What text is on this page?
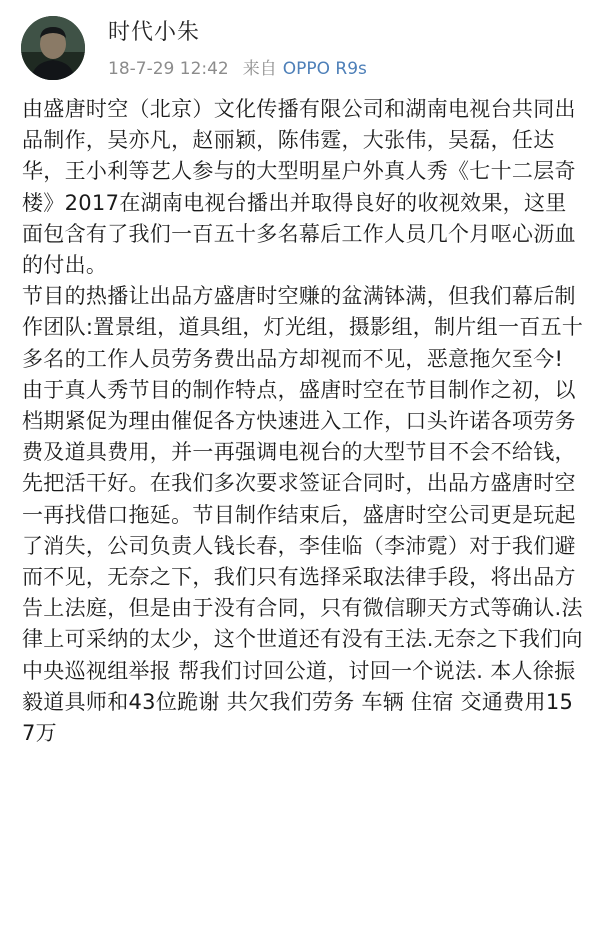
时代小朱
18-7-29 12:42 来自 OPPO R9s

由盛唐时空（北京）文化传播有限公司和湖南电视台共同出品制作，吴亦凡，赵丽颖，陈伟霆，大张伟，吴磊，任达华，王小利等艺人参与的大型明星户外真人秀《七十二层奇楼》2017在湖南电视台播出并取得良好的收视效果，这里面包含有了我们一百五十多名幕后工作人员几个月呕心沥血的付出。

节目的热播让出品方盛唐时空赚的盆满钵满，但我们幕后制作团队:置景组，道具组，灯光组，摄影组，制片组一百五十多名的工作人员劳务费出品方却视而不见，恶意拖欠至今!

由于真人秀节目的制作特点，盛唐时空在节目制作之初，以档期紧促为理由催促各方快速进入工作，口头许诺各项劳务费及道具费用，并一再强调电视台的大型节目不会不给钱，先把活干好。在我们多次要求签证合同时，出品方盛唐时空一再找借口拖延。节目制作结束后，盛唐时空公司更是玩起了消失，公司负责人钱长春，李佳临（李沛霓）对于我们避而不见，无奈之下，我们只有选择采取法律手段，将出品方告上法庭，但是由于没有合同，只有微信聊天方式等确认.法律上可采纳的太少，这个世道还有没有王法.无奈之下我们向中央巡视组举报 帮我们讨回公道，讨回一个说法. 本人徐振毅道具师和43位跪谢 共欠我们劳务 车辆 住宿 交通费用157万
